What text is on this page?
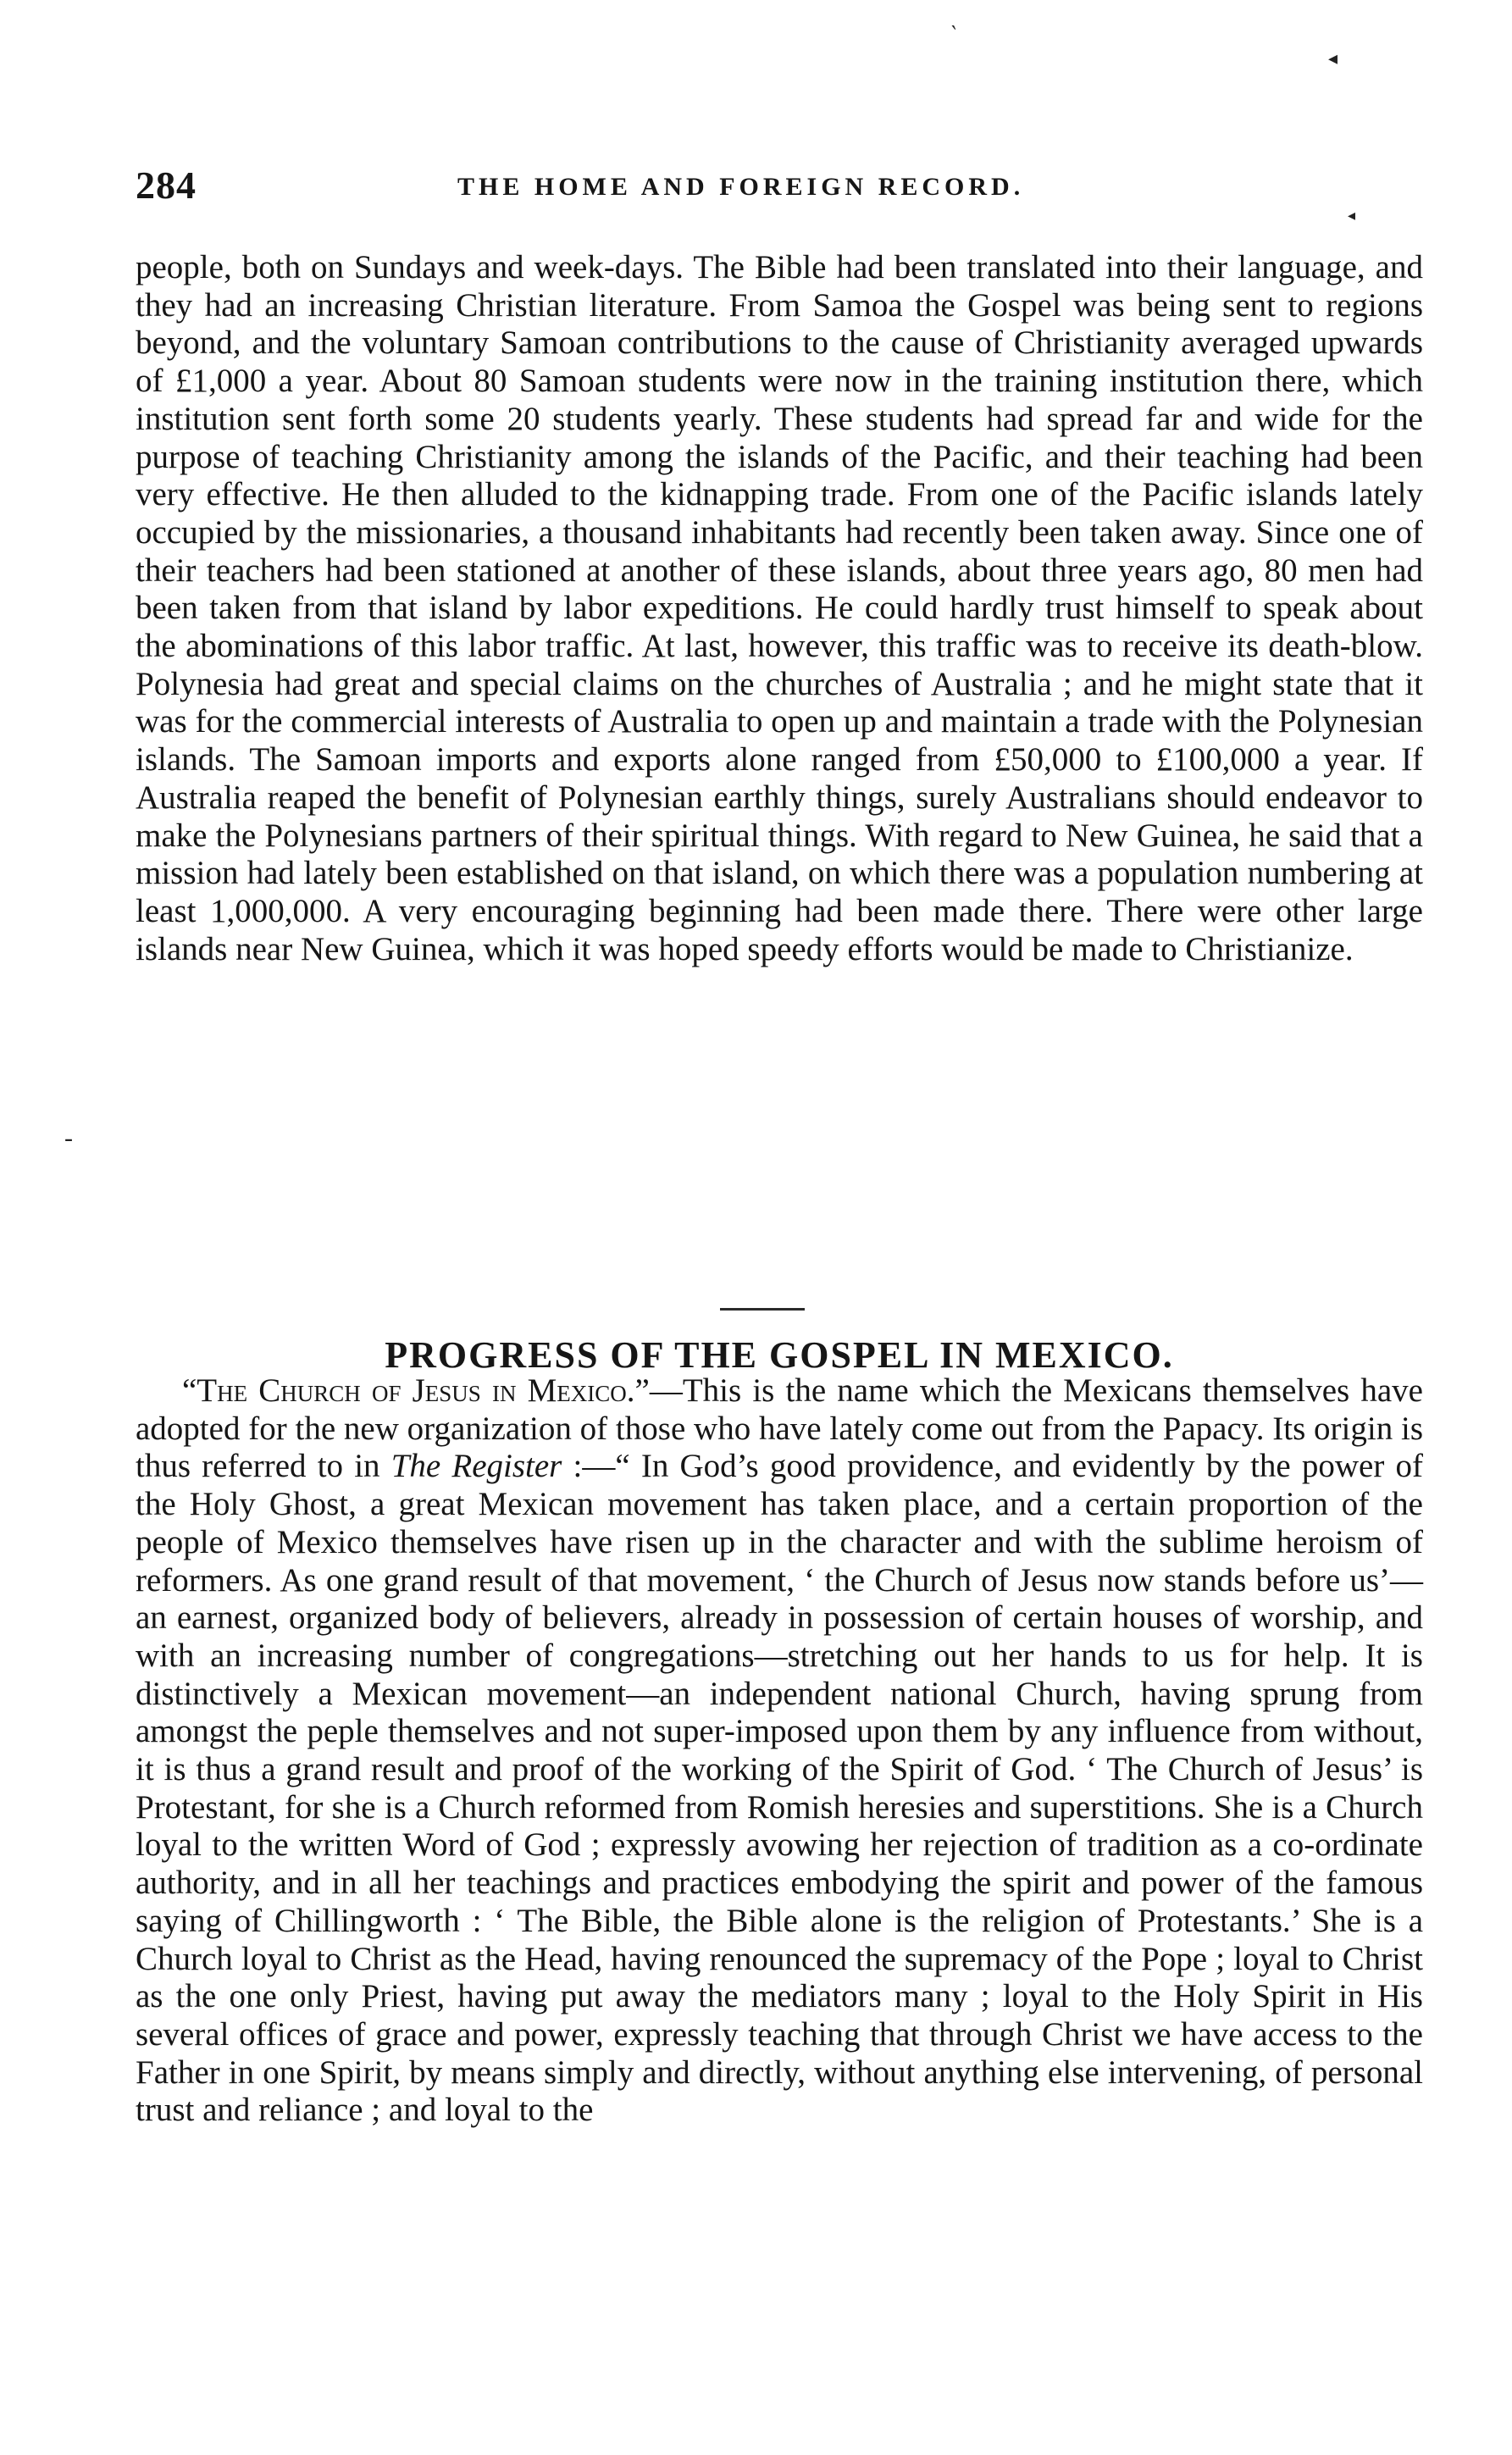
‵
◂
◂
-
284	THE HOME AND FOREIGN RECORD.

people, both on Sundays and week-days. The Bible had been translated into their language, and they had an increasing Christian literature. From Samoa the Gospel was being sent to regions beyond, and the voluntary Samoan contributions to the cause of Christianity averaged upwards of £1,000 a year. About 80 Samoan students were now in the training institution there, which institution sent forth some 20 students yearly. These students had spread far and wide for the purpose of teaching Christianity among the islands of the Pacific, and their teaching had been very effective. He then alluded to the kidnapping trade. From one of the Pacific islands lately occupied by the missionaries, a thousand inhabitants had recently been taken away. Since one of their teachers had been stationed at another of these islands, about three years ago, 80 men had been taken from that island by labor expeditions. He could hardly trust himself to speak about the abominations of this labor traffic. At last, however, this traffic was to receive its death-blow. Polynesia had great and special claims on the churches of Australia ; and he might state that it was for the commercial interests of Australia to open up and maintain a trade with the Polynesian islands. The Samoan imports and exports alone ranged from £50,000 to £100,000 a year. If Australia reaped the benefit of Polynesian earthly things, surely Australians should endeavor to make the Polynesians partners of their spiritual things. With regard to New Guinea, he said that a mission had lately been established on that island, on which there was a population numbering at least 1,000,000. A very encouraging beginning had been made there. There were other large islands near New Guinea, which it was hoped speedy efforts would be made to Christianize.

PROGRESS OF THE GOSPEL IN MEXICO.

“The Church of Jesus in Mexico.”—This is the name which the Mexicans themselves have adopted for the new organization of those who have lately come out from the Papacy. Its origin is thus referred to in The Register :—“ In God’s good providence, and evidently by the power of the Holy Ghost, a great Mexican movement has taken place, and a certain proportion of the people of Mexico themselves have risen up in the character and with the sublime heroism of reformers. As one grand result of that movement, ‘ the Church of Jesus now stands before us’—an earnest, organized body of believers, already in possession of certain houses of worship, and with an increasing number of congregations—stretching out her hands to us for help. It is distinctively a Mexican movement—an independent national Church, having sprung from amongst the peple themselves and not super-imposed upon them by any influence from without, it is thus a grand result and proof of the working of the Spirit of God. ‘ The Church of Jesus’ is Protestant, for she is a Church reformed from Romish heresies and superstitions. She is a Church loyal to the written Word of God ; expressly avowing her rejection of tradition as a co-ordinate authority, and in all her teachings and practices embodying the spirit and power of the famous saying of Chillingworth : ‘ The Bible, the Bible alone is the religion of Protestants.’ She is a Church loyal to Christ as the Head, having renounced the supremacy of the Pope ; loyal to Christ as the one only Priest, having put away the mediators many ; loyal to the Holy Spirit in His several offices of grace and power, expressly teaching that through Christ we have access to the Father in one Spirit, by means simply and directly, without anything else intervening, of personal trust and reliance ; and loyal to the
